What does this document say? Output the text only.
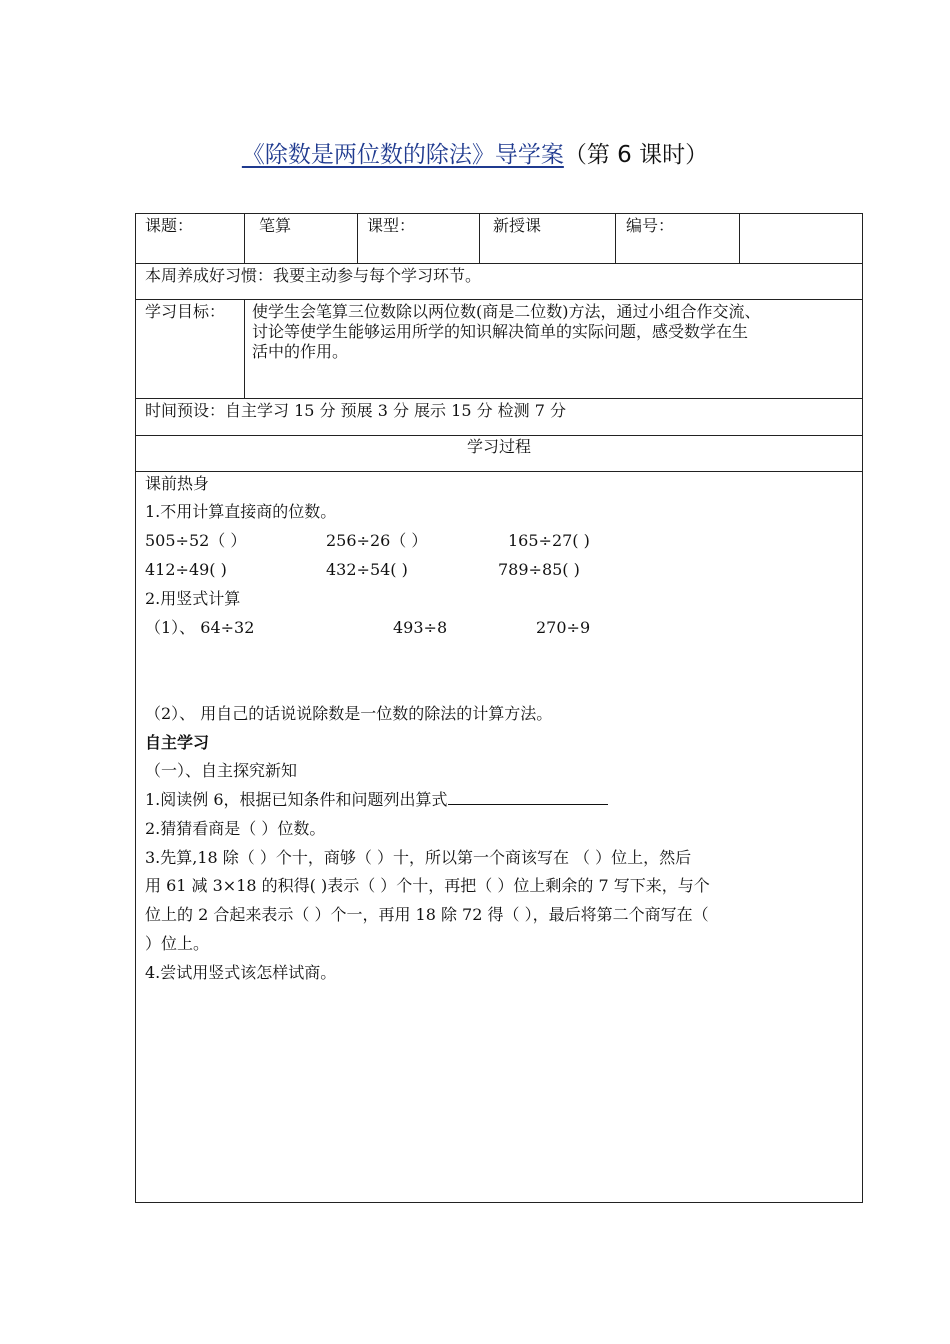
《除数是两位数的除法》导学案（第 6 课时）
课题：	笔算	课型：	新授课	编号：
本周养成好习惯：我要主动参与每个学习环节。
学习目标： 使学生会笔算三位数除以两位数(商是二位数)方法，通过小组合作交流、
讨论等使学生能够运用所学的知识解决简单的实际问题，感受数学在生
活中的作用。
时间预设：自主学习 15 分 预展 3 分 展示 15 分 检测 7 分
学习过程
课前热身
1.不用计算直接商的位数。
505÷52（ ）	256÷26（ ）	165÷27( )
412÷49( )	432÷54( )	789÷85( )
2.用竖式计算
（1）、 64÷32	493÷8	270÷9
（2）、 用自己的话说说除数是一位数的除法的计算方法。
自主学习
（一）、自主探究新知
1.阅读例 6，根据已知条件和问题列出算式
2.猜猜看商是（ ）位数。
3.先算,18 除（ ）个十，商够（ ）十，所以第一个商该写在 （ ）位上，然后
用 61 减 3×18 的积得( )表示（ ）个十，再把（ ）位上剩余的 7 写下来，与个
位上的 2 合起来表示（ ）个一，再用 18 除 72 得（ ），最后将第二个商写在（
）位上。
4.尝试用竖式该怎样试商。
